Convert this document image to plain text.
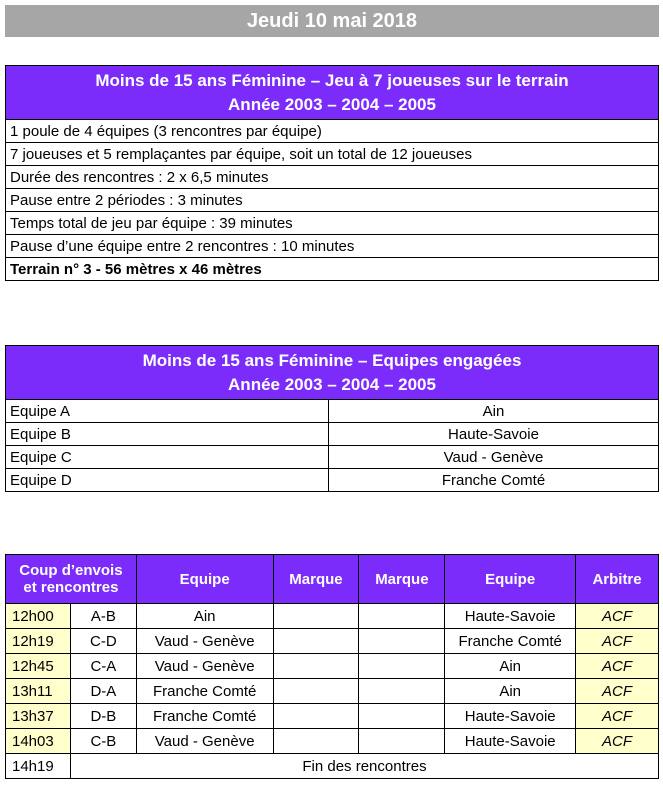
Jeudi 10 mai 2018
Moins de 15 ans Féminine – Jeu à 7 joueuses sur le terrain
Année 2003 – 2004 – 2005

1 poule de 4 équipes (3 rencontres par équipe)
7 joueuses et 5 remplaçantes par équipe, soit un total de 12 joueuses
Durée des rencontres : 2 x 6,5 minutes
Pause entre 2 périodes : 3 minutes
Temps total de jeu par équipe : 39 minutes
Pause d’une équipe entre 2 rencontres : 10 minutes
Terrain n° 3 - 56 mètres x 46 mètres
Moins de 15 ans Féminine – Equipes engagées
Année 2003 – 2004 – 2005	

Equipe A	Ain
Equipe B	Haute-Savoie
Equipe C	Vaud - Genève
Equipe D	Franche Comté
Coup d’envois
et rencontres		Equipe	Marque	Marque	Equipe	Arbitre
12h00	A-B	Ain			Haute-Savoie	ACF
12h19	C-D	Vaud - Genève			Franche Comté	ACF
12h45	C-A	Vaud - Genève			Ain	ACF
13h11	D-A	Franche Comté			Ain	ACF
13h37	D-B	Franche Comté			Haute-Savoie	ACF
14h03	C-B	Vaud - Genève			Haute-Savoie	ACF
14h19	Fin des rencontres					
